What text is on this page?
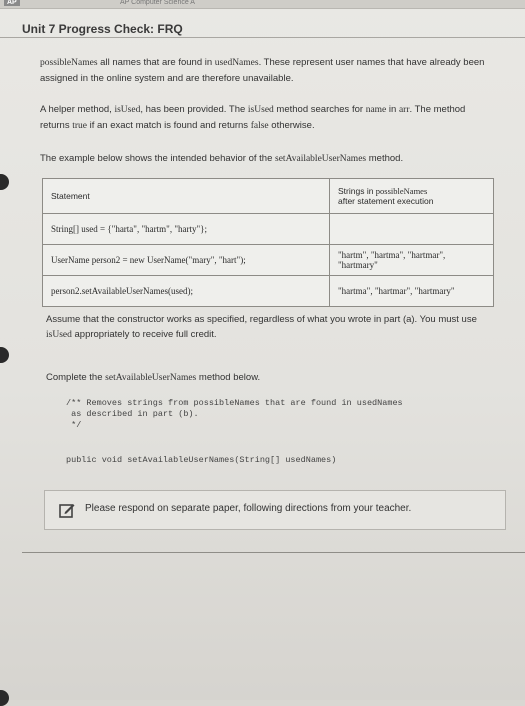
AP	AP Computer Science A
Unit 7 Progress Check: FRQ
possibleNames all names that are found in usedNames. These represent user names that have already been assigned in the online system and are therefore unavailable.
A helper method, isUsed, has been provided. The isUsed method searches for name in arr. The method returns true if an exact match is found and returns false otherwise.
The example below shows the intended behavior of the setAvailableUserNames method.
Statement	Strings in possibleNames
after statement execution
String[] used = {"harta", "hartm", "harty"};	
UserName person2 = new UserName("mary", "hart");	"hartm", "hartma", "hartmar", "hartmary"
person2.setAvailableUserNames(used);	"hartma", "hartmar", "hartmary"
Assume that the constructor works as specified, regardless of what you wrote in part (a). You must use isUsed appropriately to receive full credit.
Complete the setAvailableUserNames method below.
/** Removes strings from possibleNames that are found in usedNames
as described in part (b).
*/
public void setAvailableUserNames(String[] usedNames)
Please respond on separate paper, following directions from your teacher.
